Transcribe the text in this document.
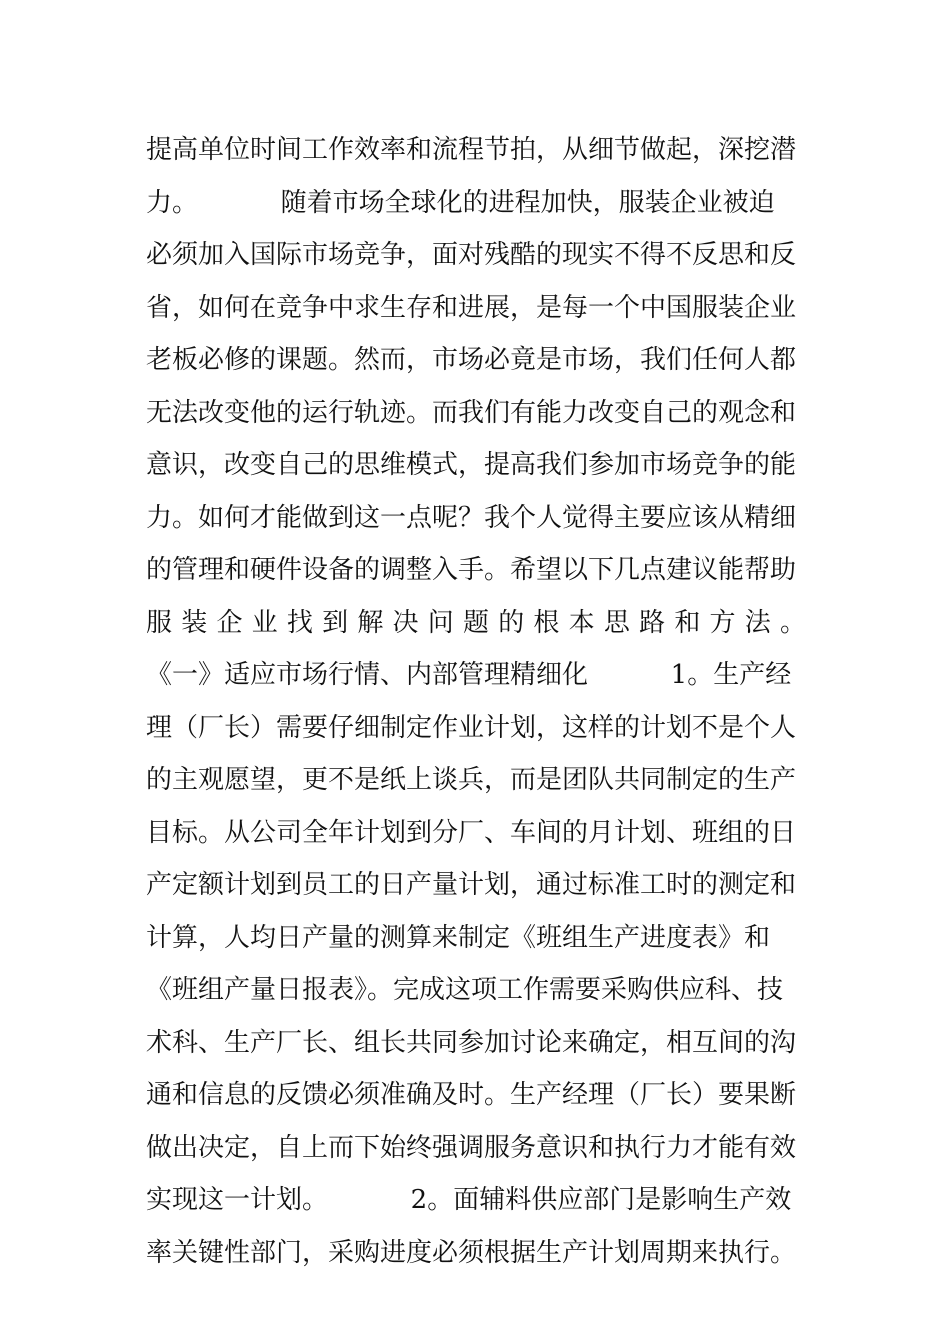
提高单位时间工作效率和流程节拍，从细节做起，深挖潜
力。          随着市场全球化的进程加快，服装企业被迫
必须加入国际市场竞争，面对残酷的现实不得不反思和反
省，如何在竞争中求生存和进展，是每一个中国服装企业
老板必修的课题。然而，市场必竟是市场，我们任何人都
无法改变他的运行轨迹。而我们有能力改变自己的观念和
意识，改变自己的思维模式，提高我们参加市场竞争的能
力。如何才能做到这一点呢？我个人觉得主要应该从精细
的管理和硬件设备的调整入手。希望以下几点建议能帮助
服装企业找到解决问题的根本思路和方法。
《一》适应市场行情、内部管理精细化          1。生产经
理（厂长）需要仔细制定作业计划，这样的计划不是个人
的主观愿望，更不是纸上谈兵，而是团队共同制定的生产
目标。从公司全年计划到分厂、车间的月计划、班组的日
产定额计划到员工的日产量计划，通过标准工时的测定和
计算，人均日产量的测算来制定《班组生产进度表》和
《班组产量日报表》。完成这项工作需要采购供应科、技
术科、生产厂长、组长共同参加讨论来确定，相互间的沟
通和信息的反馈必须准确及时。生产经理（厂长）要果断
做出决定，自上而下始终强调服务意识和执行力才能有效
实现这一计划。          2。面辅料供应部门是影响生产效
率关键性部门，采购进度必须根据生产计划周期来执行。
